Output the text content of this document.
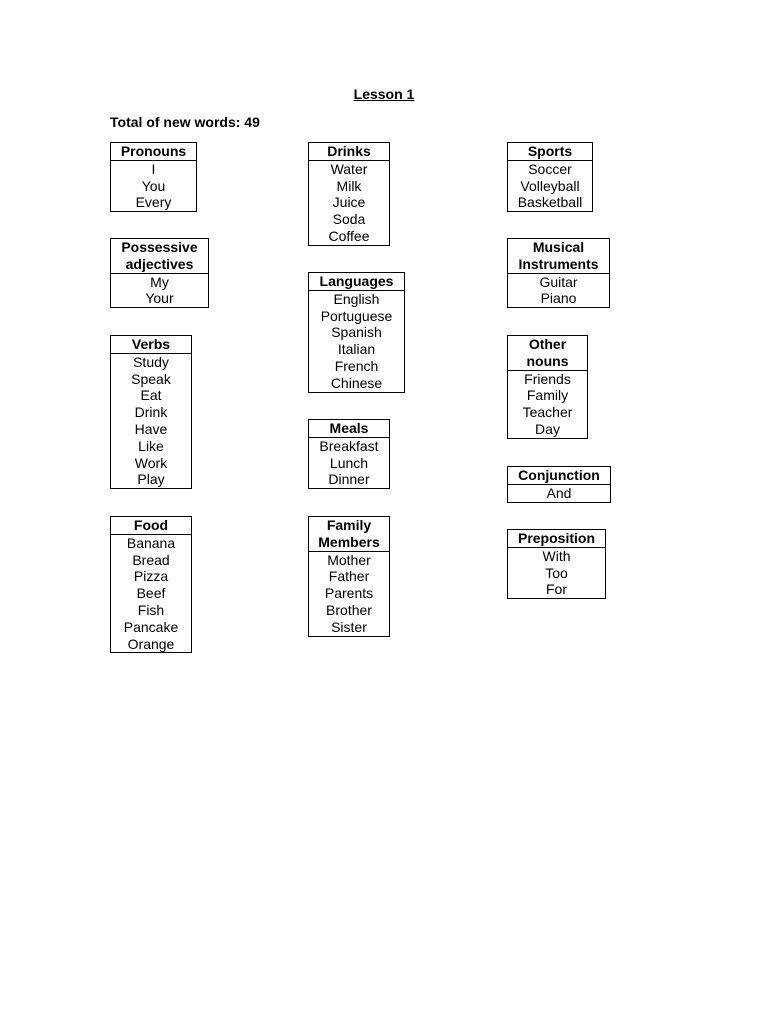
Lesson 1
Total of new words: 49
Pronouns
I
You
Every
Possessive
adjectives
My
Your
Verbs
Study
Speak
Eat
Drink
Have
Like
Work
Play
Food
Banana
Bread
Pizza
Beef
Fish
Pancake
Orange
Drinks
Water
Milk
Juice
Soda
Coffee
Languages
English
Portuguese
Spanish
Italian
French
Chinese
Meals
Breakfast
Lunch
Dinner
Family
Members
Mother
Father
Parents
Brother
Sister
Sports
Soccer
Volleyball
Basketball
Musical
Instruments
Guitar
Piano
Other
nouns
Friends
Family
Teacher
Day
Conjunction
And
Preposition
With
Too
For
